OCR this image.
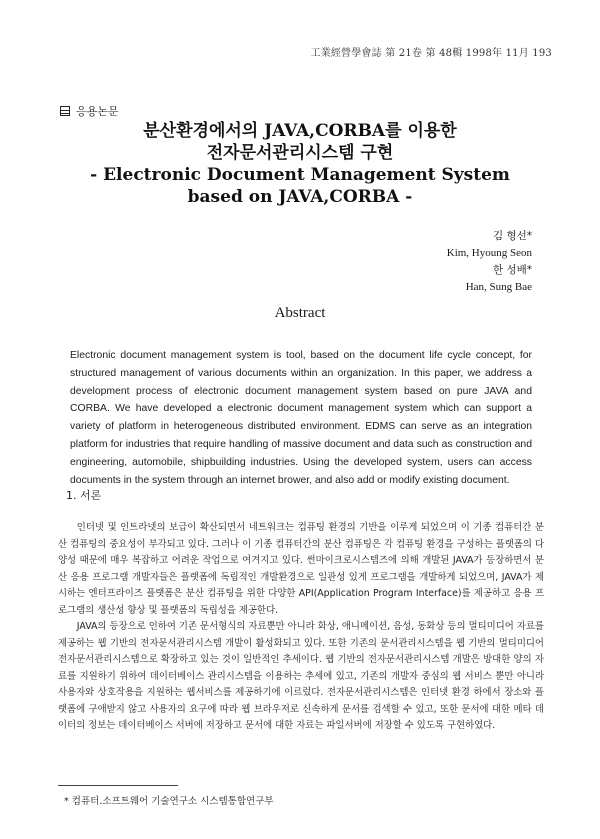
工業經營學會誌 第 21卷 第 48輯 1998年 11月 193
응용논문
분산환경에서의 JAVA,CORBA를 이용한
전자문서관리시스템 구현
- Electronic Document Management System
based on JAVA,CORBA -
김 형선*
Kim, Hyoung Seon
한 성배*
Han, Sung Bae
Abstract
Electronic document management system is tool, based on the document life cycle concept, for structured management of various documents within an organization. In this paper, we address a development process of electronic document management system based on pure JAVA and CORBA. We have developed a electronic document management system which can support a variety of platform in heterogeneous distributed environment. EDMS can serve as an integration platform for industries that require handling of massive document and data such as construction and engineering, automobile, shipbuilding industries. Using the developed system, users can access documents in the system through an internet brower, and also add or modify existing document.
1. 서론

인터넷 및 인트라넷의 보급이 확산되면서 네트워크는 컴퓨팅 환경의 기반을 이루게 되었으며 이 기종 컴퓨터간 분산 컴퓨팅의 중요성이 부각되고 있다. 그러나 이 기종 컴퓨터간의 분산 컴퓨팅은 각 컴퓨팅 환경을 구성하는 플랫폼의 다양성 때문에 매우 복잡하고 어려운 작업으로 여겨지고 있다. 썬마이크로시스템즈에 의해 개발된 JAVA가 등장하면서 분산 응용 프로그램 개발자들은 플랫폼에 독립적인 개발환경으로 일관성 있게 프로그램을 개발하게 되었으며, JAVA가 제시하는 엔터프라이즈 플랫폼은 분산 컴퓨팅을 위한 다양한 API(Application Program Interface)를 제공하고 응용 프로그램의 생산성 향상 및 플랫폼의 독립성을 제공한다.

JAVA의 등장으로 인하여 기존 문서형식의 자료뿐만 아니라 화상, 애니메이션, 음성, 동화상 등의 멀티미디어 자료를 제공하는 웹 기반의 전자문서관리시스템 개발이 활성화되고 있다. 또한 기존의 문서관리시스템을 웹 기반의 멀티미디어 전자문서관리시스템으로 확장하고 있는 것이 일반적인 추세이다. 웹 기반의 전자문서관리시스템 개발은 방대한 양의 자료를 지원하기 위하여 데이터베이스 관리시스템을 이용하는 추세에 있고, 기존의 개발자 중심의 웹 서비스 뿐만 아니라 사용자와 상호작용을 지원하는 웹서비스를 제공하기에 이르렀다. 전자문서관리시스템은 인터넷 환경 하에서 장소와 플랫폼에 구애받지 않고 사용자의 요구에 따라 웹 브라우저로 신속하게 문서를 검색할 수 있고, 또한 문서에 대한 메타 데이터의 정보는 데이터베이스 서버에 저장하고 문서에 대한 자료는 파일서버에 저장할 수 있도록 구현하였다.

* 컴퓨터.소프트웨어 기술연구소 시스템통합연구부
